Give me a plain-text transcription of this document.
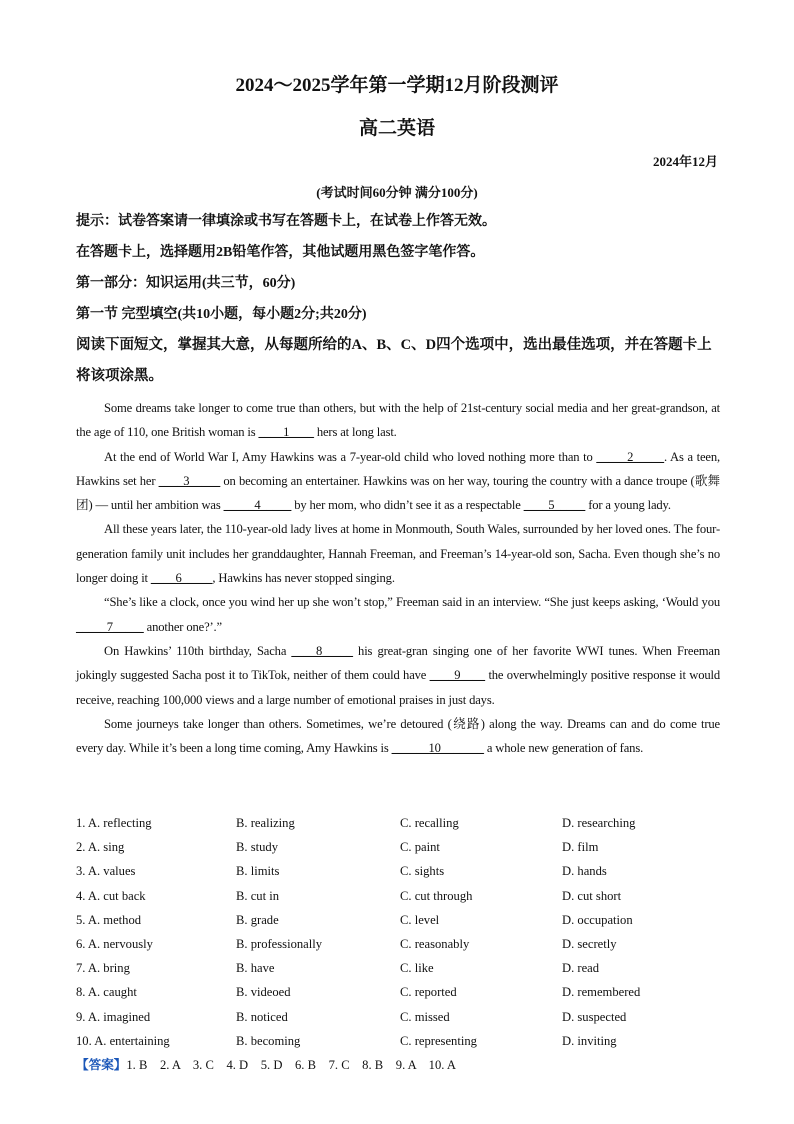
2024～2025学年第一学期12月阶段测评
高二英语
2024年12月
(考试时间60分钟 满分100分)
提示：试卷答案请一律填涂或书写在答题卡上，在试卷上作答无效。
在答题卡上，选择题用2B铅笔作答，其他试题用黑色签字笔作答。
第一部分：知识运用(共三节，60分)
第一节 完型填空(共10小题，每小题2分;共20分)
阅读下面短文，掌握其大意，从每题所给的A、B、C、D四个选项中，选出最佳选项，并在答题卡上将该项涂黑。

Some dreams take longer to come true than others, but with the help of 21st-century social media and her great-grandson, at the age of 110, one British woman is ____1____ hers at long last.

At the end of World War I, Amy Hawkins was a 7-year-old child who loved nothing more than to _____2_____. As a teen, Hawkins set her ____3_____ on becoming an entertainer. Hawkins was on her way, touring the country with a dance troupe (歌舞团) — until her ambition was _____4_____ by her mom, who didn’t see it as a respectable ____5_____ for a young lady.

All these years later, the 110-year-old lady lives at home in Monmouth, South Wales, surrounded by her loved ones. The four-generation family unit includes her granddaughter, Hannah Freeman, and Freeman’s 14-year-old son, Sacha. Even though she’s no longer doing it ____6_____, Hawkins has never stopped singing.

“She’s like a clock, once you wind her up she won’t stop,” Freeman said in an interview. “She just keeps asking, ‘Would you _____7_____ another one?’.”

On Hawkins’ 110th birthday, Sacha ____8_____ his great-gran singing one of her favorite WWI tunes. When Freeman jokingly suggested Sacha post it to TikTok, neither of them could have ____9____ the overwhelmingly positive response it would receive, reaching 100,000 views and a large number of emotional praises in just days.

Some journeys take longer than others. Sometimes, we’re detoured (绕路) along the way. Dreams can and do come true every day. While it’s been a long time coming, Amy Hawkins is ______10_______ a whole new generation of fans.

1. A. reflecting	B. realizing	C. recalling	D. researching
2. A. sing	B. study	C. paint	D. film
3. A. values	B. limits	C. sights	D. hands
4. A. cut back	B. cut in	C. cut through	D. cut short
5. A. method	B. grade	C. level	D. occupation
6. A. nervously	B. professionally	C. reasonably	D. secretly
7. A. bring	B. have	C. like	D. read
8. A. caught	B. videoed	C. reported	D. remembered
9. A. imagined	B. noticed	C. missed	D. suspected
10. A. entertaining	B. becoming	C. representing	D. inviting
【答案】1. B    2. A    3. C    4. D    5. D    6. B    7. C    8. B    9. A    10. A
